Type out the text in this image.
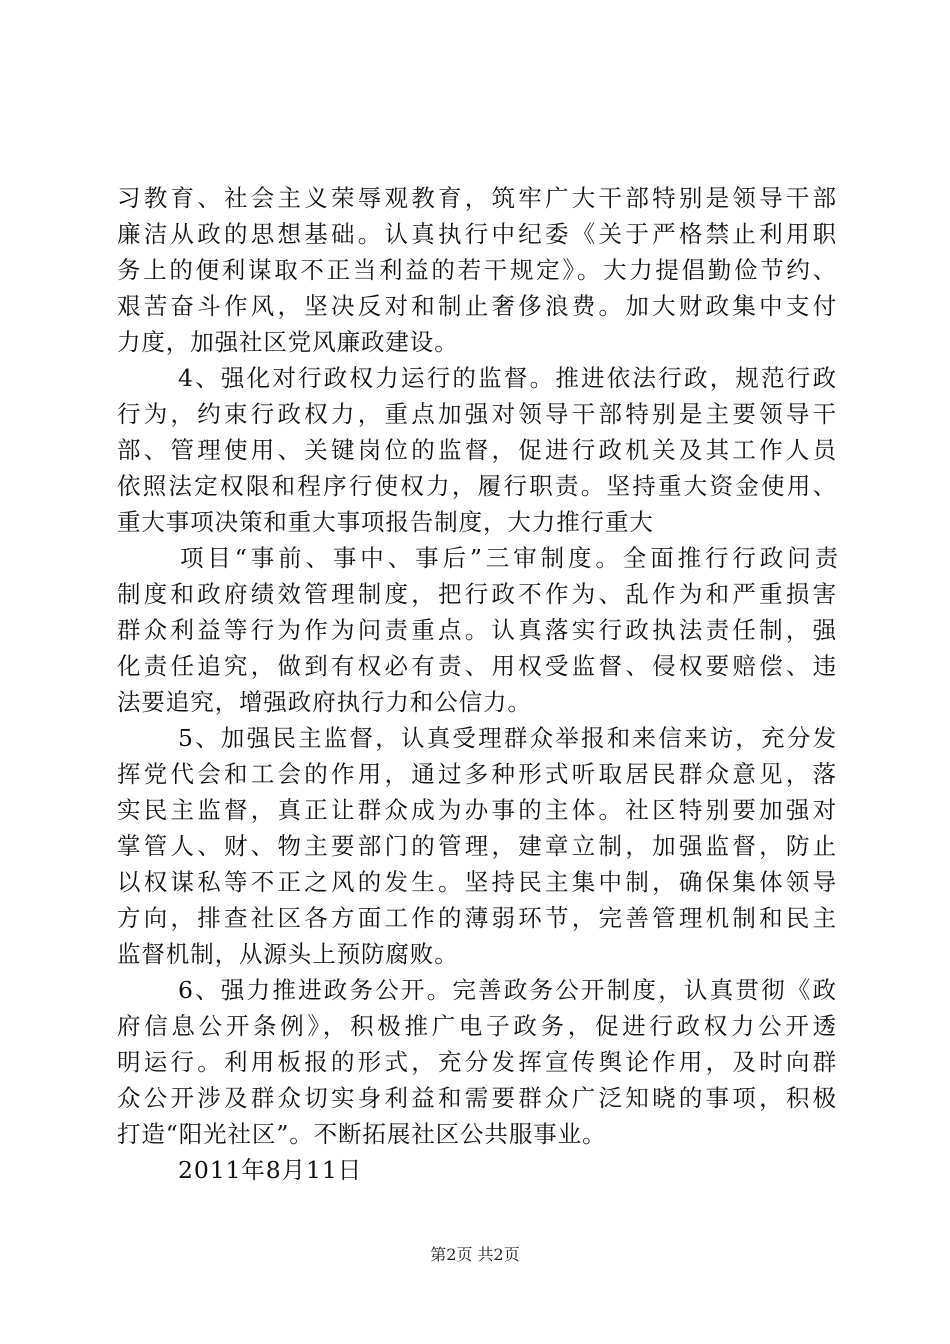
习教育、社会主义荣辱观教育，筑牢广大干部特别是领导干部
廉洁从政的思想基础。认真执行中纪委《关于严格禁止利用职
务上的便利谋取不正当利益的若干规定》。大力提倡勤俭节约、
艰苦奋斗作风，坚决反对和制止奢侈浪费。加大财政集中支付
力度，加强社区党风廉政建设。
4、强化对行政权力运行的监督。推进依法行政，规范行政
行为，约束行政权力，重点加强对领导干部特别是主要领导干
部、管理使用、关键岗位的监督，促进行政机关及其工作人员
依照法定权限和程序行使权力，履行职责。坚持重大资金使用、
重大事项决策和重大事项报告制度，大力推行重大
项目“事前、事中、事后”三审制度。全面推行行政问责
制度和政府绩效管理制度，把行政不作为、乱作为和严重损害
群众利益等行为作为问责重点。认真落实行政执法责任制，强
化责任追究，做到有权必有责、用权受监督、侵权要赔偿、违
法要追究，增强政府执行力和公信力。
5、加强民主监督，认真受理群众举报和来信来访，充分发
挥党代会和工会的作用，通过多种形式听取居民群众意见，落
实民主监督，真正让群众成为办事的主体。社区特别要加强对
掌管人、财、物主要部门的管理，建章立制，加强监督，防止
以权谋私等不正之风的发生。坚持民主集中制，确保集体领导
方向，排查社区各方面工作的薄弱环节，完善管理机制和民主
监督机制，从源头上预防腐败。
6、强力推进政务公开。完善政务公开制度，认真贯彻《政
府信息公开条例》，积极推广电子政务，促进行政权力公开透
明运行。利用板报的形式，充分发挥宣传舆论作用，及时向群
众公开涉及群众切实身利益和需要群众广泛知晓的事项，积极
打造“阳光社区”。不断拓展社区公共服事业。
2011年8月11日
第2页 共2页
